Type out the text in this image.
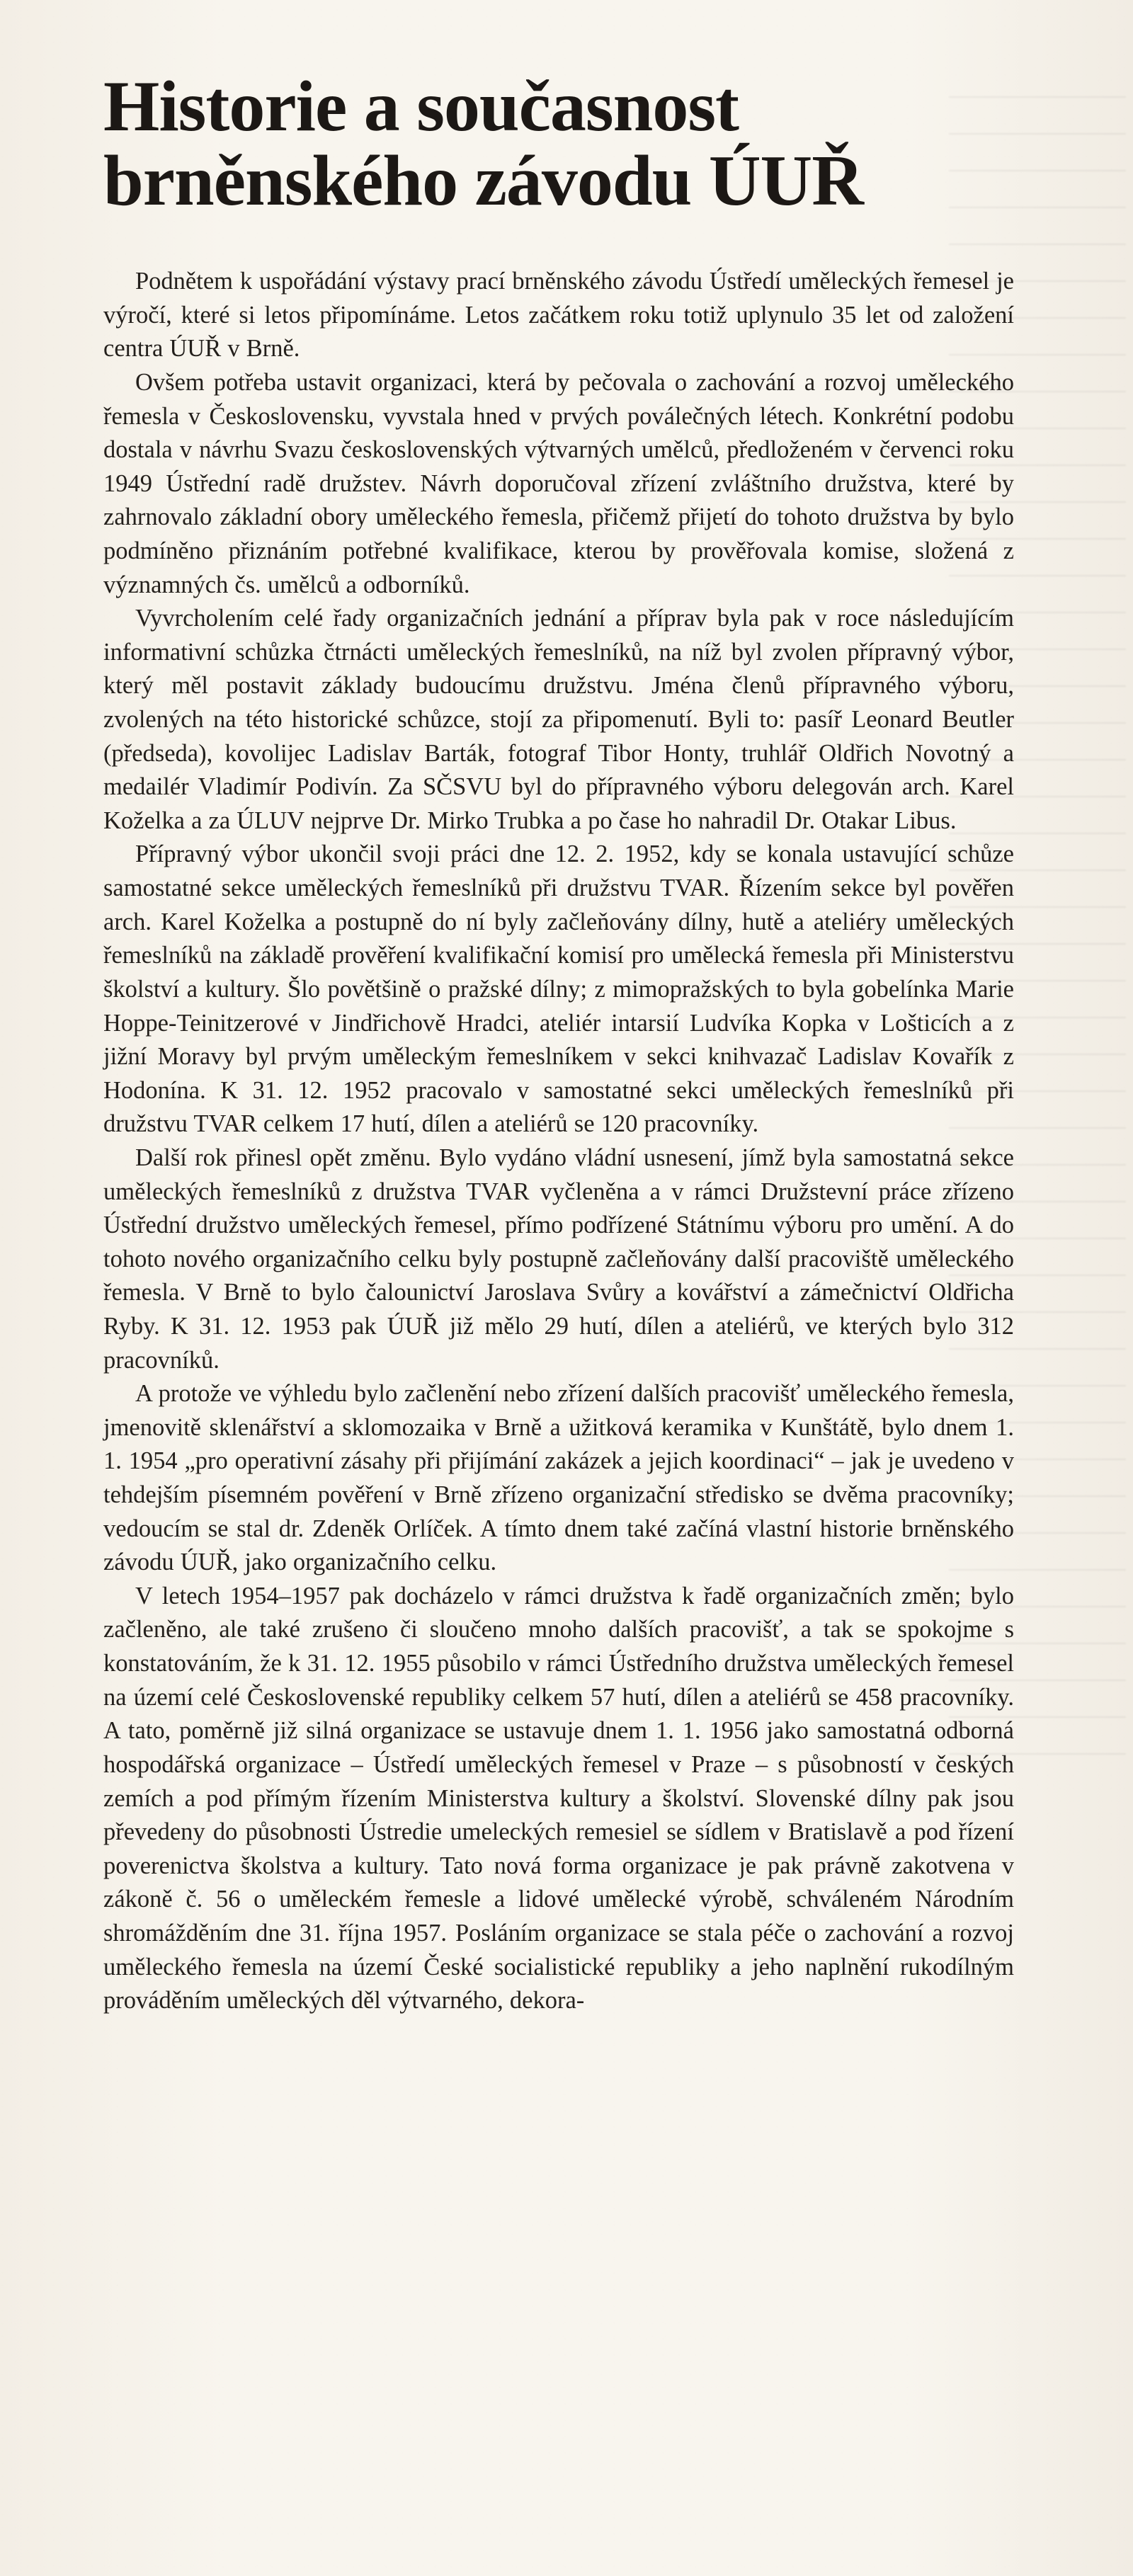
Historie a současnost
brněnského závodu ÚUŘ

Podnětem k uspořádání výstavy prací brněnského závodu Ústředí uměleckých řemesel je výročí, které si letos připomínáme. Letos začátkem roku totiž uplynulo 35 let od založení centra ÚUŘ v Brně.

Ovšem potřeba ustavit organizaci, která by pečovala o zachování a rozvoj uměleckého řemesla v Československu, vyvstala hned v prvých poválečných létech. Konkrétní podobu dostala v návrhu Svazu československých výtvarných umělců, předloženém v červenci roku 1949 Ústřední radě družstev. Návrh doporučoval zřízení zvláštního družstva, které by zahrnovalo základní obory uměleckého řemesla, přičemž přijetí do tohoto družstva by bylo podmíněno přiznáním potřebné kvalifikace, kterou by prověřovala komise, složená z významných čs. umělců a odborníků.

Vyvrcholením celé řady organizačních jednání a příprav byla pak v roce následujícím informativní schůzka čtrnácti uměleckých řemeslníků, na níž byl zvolen přípravný výbor, který měl postavit základy budoucímu družstvu. Jména členů přípravného výboru, zvolených na této historické schůzce, stojí za připomenutí. Byli to: pasíř Leonard Beutler (předseda), kovolijec Ladislav Barták, fotograf Tibor Honty, truhlář Oldřich Novotný a medailér Vladimír Podivín. Za SČSVU byl do přípravného výboru delegován arch. Karel Koželka a za ÚLUV nejprve Dr. Mirko Trubka a po čase ho nahradil Dr. Otakar Libus.

Přípravný výbor ukončil svoji práci dne 12. 2. 1952, kdy se konala ustavující schůze samostatné sekce uměleckých řemeslníků při družstvu TVAR. Řízením sekce byl pověřen arch. Karel Koželka a postupně do ní byly začleňovány dílny, hutě a ateliéry uměleckých řemeslníků na základě prověření kvalifikační komisí pro umělecká řemesla při Ministerstvu školství a kultury. Šlo povětšině o pražské dílny; z mimopražských to byla gobelínka Marie Hoppe-Teinitzerové v Jindřichově Hradci, ateliér intarsií Ludvíka Kopka v Lošticích a z jižní Moravy byl prvým uměleckým řemeslníkem v sekci knihvazač Ladislav Kovařík z Hodonína. K 31. 12. 1952 pracovalo v samostatné sekci uměleckých řemeslníků při družstvu TVAR celkem 17 hutí, dílen a ateliérů se 120 pracovníky.

Další rok přinesl opět změnu. Bylo vydáno vládní usnesení, jímž byla samostatná sekce uměleckých řemeslníků z družstva TVAR vyčleněna a v rámci Družstevní práce zřízeno Ústřední družstvo uměleckých řemesel, přímo podřízené Státnímu výboru pro umění. A do tohoto nového organizačního celku byly postupně začleňovány další pracoviště uměleckého řemesla. V Brně to bylo čalounictví Jaroslava Svůry a kovářství a zámečnictví Oldřicha Ryby. K 31. 12. 1953 pak ÚUŘ již mělo 29 hutí, dílen a ateliérů, ve kterých bylo 312 pracovníků.

A protože ve výhledu bylo začlenění nebo zřízení dalších pracovišť uměleckého řemesla, jmenovitě sklenářství a sklomozaika v Brně a užitková keramika v Kunštátě, bylo dnem 1. 1. 1954 „pro operativní zásahy při přijímání zakázek a jejich koordinaci“ – jak je uvedeno v tehdejším písemném pověření v Brně zřízeno organizační středisko se dvěma pracovníky; vedoucím se stal dr. Zdeněk Orlíček. A tímto dnem také začíná vlastní historie brněnského závodu ÚUŘ, jako organizačního celku.

V letech 1954–1957 pak docházelo v rámci družstva k řadě organizačních změn; bylo začleněno, ale také zrušeno či sloučeno mnoho dalších pracovišť, a tak se spokojme s konstatováním, že k 31. 12. 1955 působilo v rámci Ústředního družstva uměleckých řemesel na území celé Československé republiky celkem 57 hutí, dílen a ateliérů se 458 pracovníky. A tato, poměrně již silná organizace se ustavuje dnem 1. 1. 1956 jako samostatná odborná hospodářská organizace – Ústředí uměleckých řemesel v Praze – s působností v českých zemích a pod přímým řízením Ministerstva kultury a školství. Slovenské dílny pak jsou převedeny do působnosti Ústredie umeleckých remesiel se sídlem v Bratislavě a pod řízení poverenictva školstva a kultury. Tato nová forma organizace je pak právně zakotvena v zákoně č. 56 o uměleckém řemesle a lidové umělecké výrobě, schváleném Národním shromážděním dne 31. října 1957. Posláním organizace se stala péče o zachování a rozvoj uměleckého řemesla na území České socialistické republiky a jeho naplnění rukodílným prováděním uměleckých děl výtvarného, dekora-
